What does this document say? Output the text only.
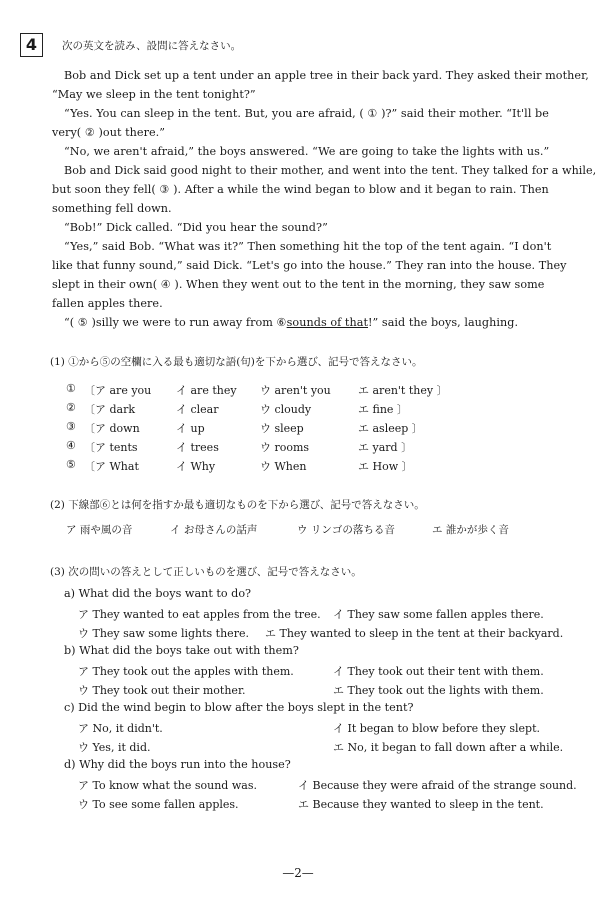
4	次の英文を読み、設問に答えなさい。
Bob and Dick set up a tent under an apple tree in their back yard. They asked their mother,
“May we sleep in the tent tonight?”
“Yes. You can sleep in the tent. But, you are afraid, ( ① )?” said their mother. “It'll be
very( ② )out there.”
“No, we aren't afraid,” the boys answered. “We are going to take the lights with us.”
Bob and Dick said good night to their mother, and went into the tent. They talked for a while,
but soon they fell( ③ ). After a while the wind began to blow and it began to rain. Then
something fell down.
“Bob!” Dick called. “Did you hear the sound?”
“Yes,” said Bob. “What was it?” Then something hit the top of the tent again. “I don't
like that funny sound,” said Dick. “Let's go into the house.” They ran into the house. They
slept in their own( ④ ). When they went out to the tent in the morning, they saw some
fallen apples there.
“( ⑤ )silly we were to run away from ⑥sounds of that!” said the boys, laughing.
(1) ①から⑤の空欄に入る最も適切な語(句)を下から選び、記号で答えなさい。
① 〔ア are you イ are they ウ aren't you エ aren't they 〕
② 〔ア dark	イ clear	ウ cloudy	エ fine 〕
③ 〔ア down	イ up	ウ sleep	エ asleep 〕
④ 〔ア tents	イ trees	ウ rooms	エ yard 〕
⑤ 〔ア What	イ Why	ウ When	エ How 〕
(2) 下線部⑥とは何を指すか最も適切なものを下から選び、記号で答えなさい。
ア 雨や風の音	イ お母さんの話声	ウ リンゴの落ちる音	エ 誰かが歩く音
(3) 次の問いの答えとして正しいものを選び、記号で答えなさい。
a) What did the boys want to do?
ア They wanted to eat apples from the tree. イ They saw some fallen apples there.
ウ They saw some lights there. エ They wanted to sleep in the tent at their backyard.
b) What did the boys take out with them?
ア They took out the apples with them.	イ They took out their tent with them.
ウ They took out their mother.	エ They took out the lights with them.
c) Did the wind begin to blow after the boys slept in the tent?
ア No, it didn't.	イ It began to blow before they slept.
ウ Yes, it did.	エ No, it began to fall down after a while.
d) Why did the boys run into the house?
ア To know what the sound was.	イ Because they were afraid of the strange sound.
ウ To see some fallen apples.	エ Because they wanted to sleep in the tent.
—2—
